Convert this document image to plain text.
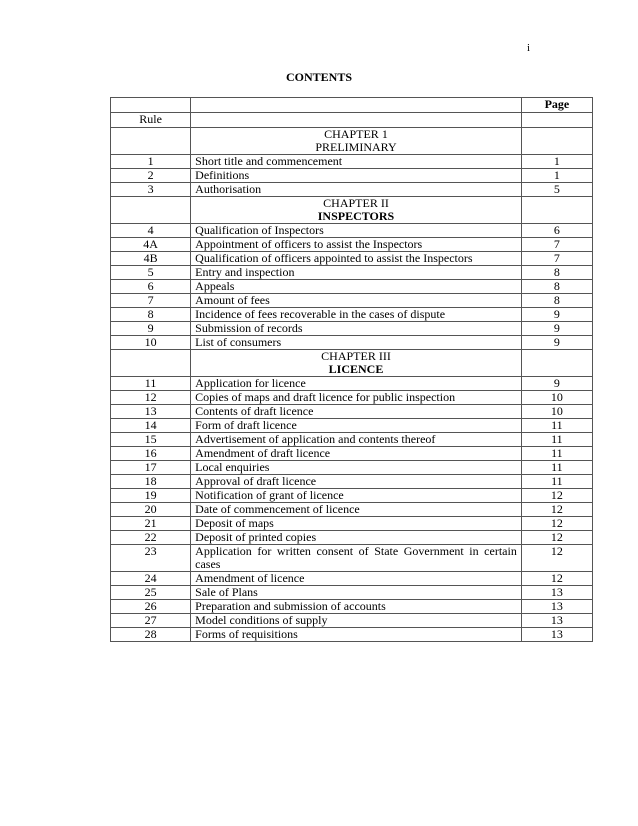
i
CONTENTS
		Page
Rule		

	CHAPTER 1
PRELIMINARY	

1	Short title and commencement	1
2	Definitions	1
3	Authorisation	5

	CHAPTER II
INSPECTORS	

4	Qualification of Inspectors	6
4A	Appointment of officers to assist the Inspectors	7
4B	Qualification of officers appointed to assist the Inspectors	7
5	Entry and inspection	8
6	Appeals	8
7	Amount of fees	8
8	Incidence of fees recoverable in the cases of dispute	9
9	Submission of records	9
10	List of consumers	9

	CHAPTER III
LICENCE	

11	Application for licence	9
12	Copies of maps and draft licence for public inspection	10
13	Contents of draft licence	10
14	Form of draft licence	11
15	Advertisement of application and contents thereof	11
16	Amendment of draft licence	11
17	Local enquiries	11
18	Approval of draft licence	11
19	Notification of grant of licence	12
20	Date of commencement of licence	12
21	Deposit of maps	12
22	Deposit of printed copies	12
23	Application for written consent of State Government in certain cases	12
24	Amendment of licence	12
25	Sale of Plans	13
26	Preparation and submission of accounts	13
27	Model conditions of supply	13
28	Forms of requisitions	13
